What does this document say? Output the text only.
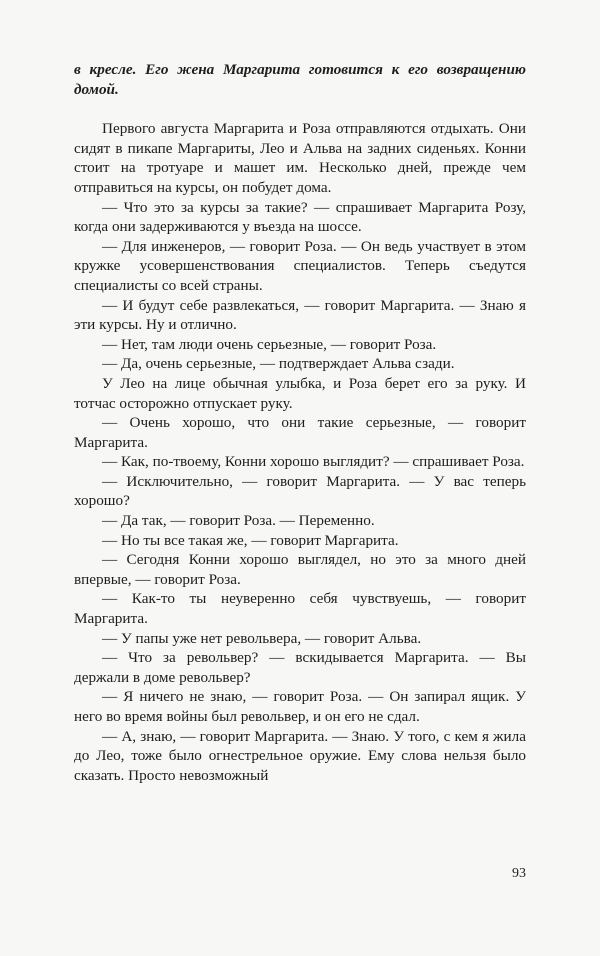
в кресле. Его жена Маргарита готовится к его возвращению домой.

Первого августа Маргарита и Роза отправляются отдыхать. Они сидят в пикапе Маргариты, Лео и Альва на задних сиденьях. Конни стоит на тротуаре и машет им. Несколько дней, прежде чем отправиться на курсы, он побудет дома.

— Что это за курсы за такие? — спрашивает Маргарита Розу, когда они задерживаются у въезда на шоссе.

— Для инженеров, — говорит Роза. — Он ведь участвует в этом кружке усовершенствования специалистов. Теперь съедутся специалисты со всей страны.

— И будут себе развлекаться, — говорит Маргарита. — Знаю я эти курсы. Ну и отлично.

— Нет, там люди очень серьезные, — говорит Роза.

— Да, очень серьезные, — подтверждает Альва сзади.

У Лео на лице обычная улыбка, и Роза берет его за руку. И тотчас осторожно отпускает руку.

— Очень хорошо, что они такие серьезные, — говорит Маргарита.

— Как, по-твоему, Конни хорошо выглядит? — спрашивает Роза.

— Исключительно, — говорит Маргарита. — У вас теперь хорошо?

— Да так, — говорит Роза. — Переменно.

— Но ты все такая же, — говорит Маргарита.

— Сегодня Конни хорошо выглядел, но это за много дней впервые, — говорит Роза.

— Как-то ты неуверенно себя чувствуешь, — говорит Маргарита.

— У папы уже нет револьвера, — говорит Альва.

— Что за револьвер? — вскидывается Маргарита. — Вы держали в доме револьвер?

— Я ничего не знаю, — говорит Роза. — Он запирал ящик. У него во время войны был револьвер, и он его не сдал.

— А, знаю, — говорит Маргарита. — Знаю. У того, с кем я жила до Лео, тоже было огнестрельное оружие. Ему слова нельзя было сказать. Просто невозможный

93
